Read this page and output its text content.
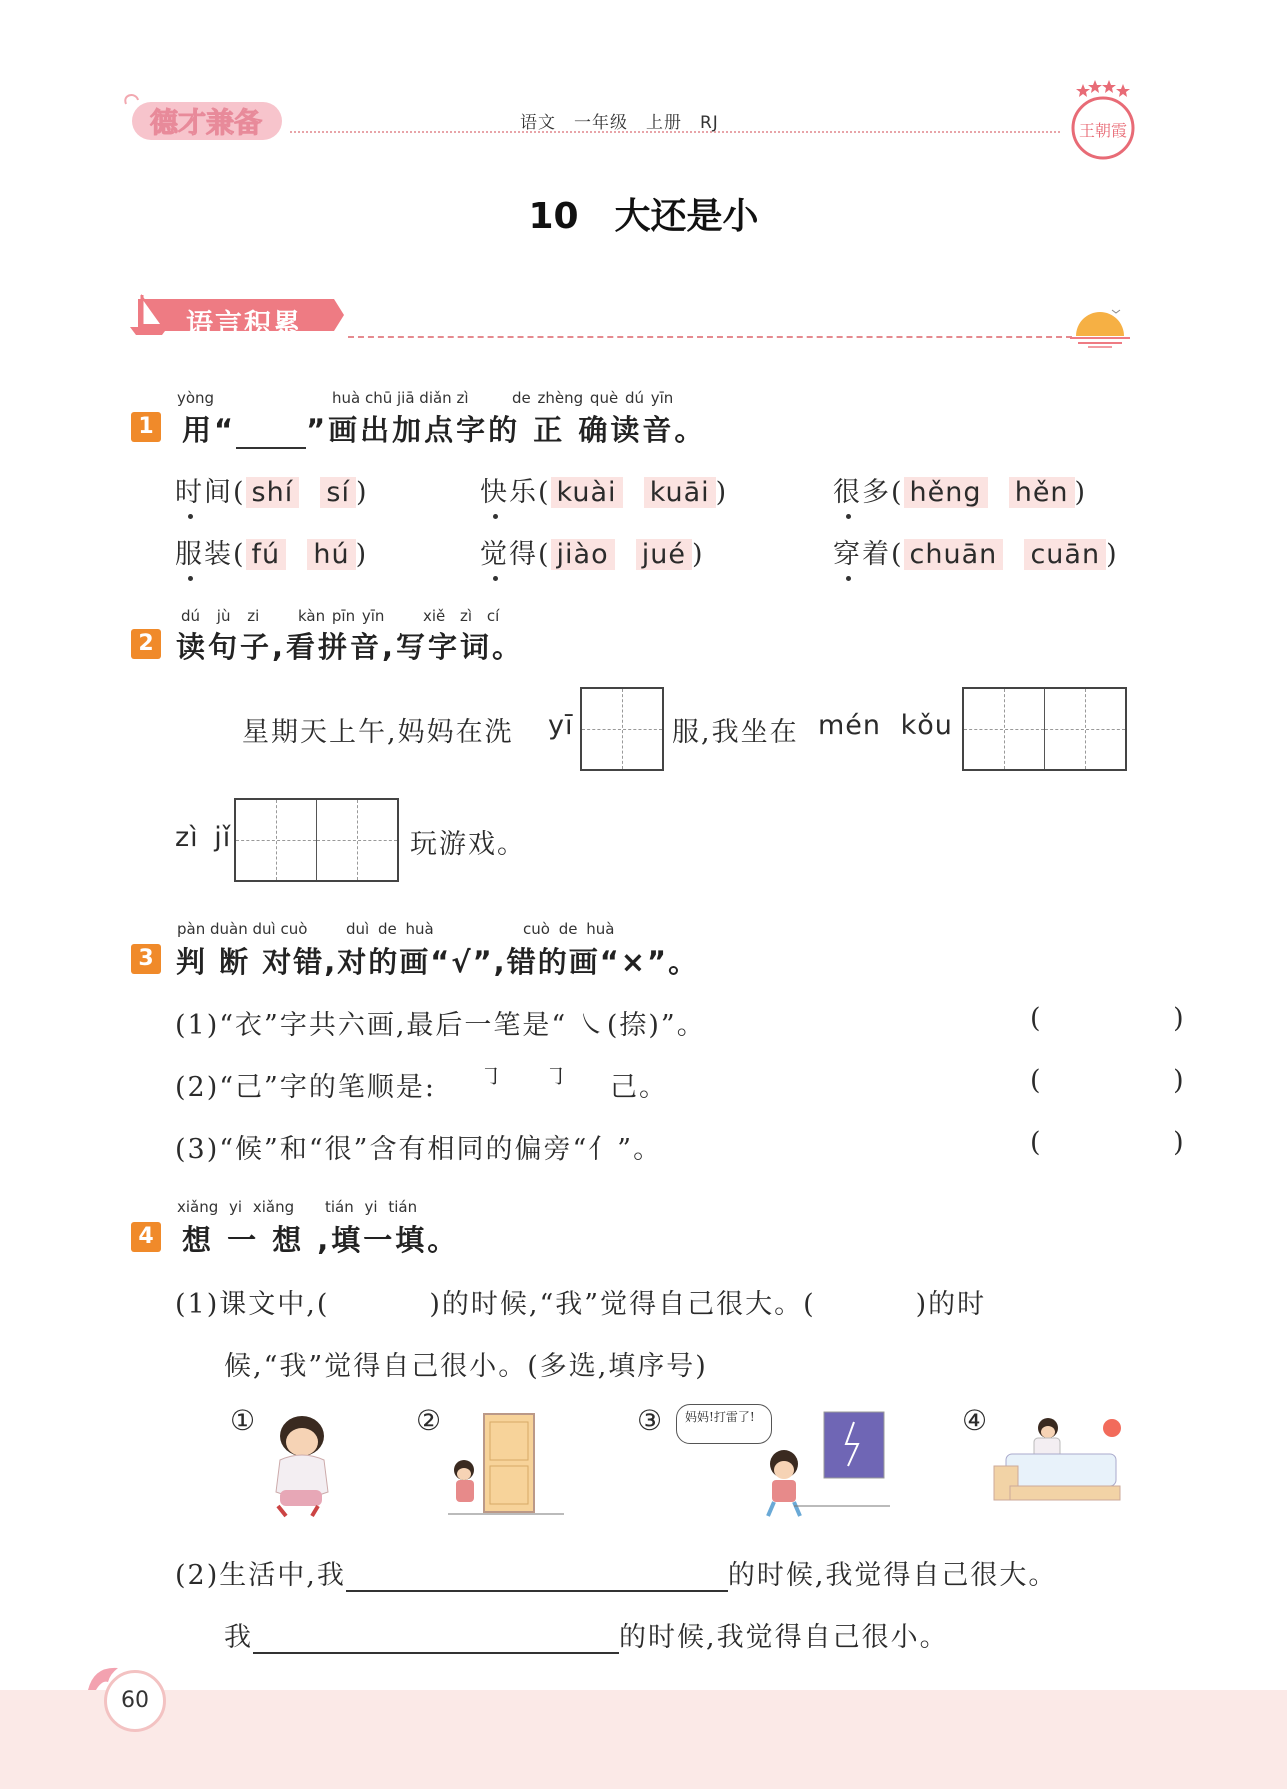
德才兼备	语文　一年级　上册　RJ	王朝霞
10　大还是小
语言积累
yòng	huà chū jiā diǎn zì	de zhèng què dú yīn
1 用“ ”画出加点字的 正 确读音。
时间( shí sí )	快乐( kuài kuāi )	很多( hěng hěn )
服装( fú hú )	觉得( jiào jué )	穿着( chuān cuān )
dú jù zi	kàn pīn yīn	xiě zì cí
2 读句子,看拼音,写字词。
星期天上午,妈妈在洗 yī	服,我坐在 mén kǒu
zì jǐ	玩游戏。
pàn duàn duì cuò	duì de huà	cuò de huà
3 判 断 对错,对的画“√”,错的画“×”。
(1)“衣”字共六画,最后一笔是“ ㇏(捺)”。	( )
(2)“己”字的笔顺是: ㇆ ㇆ 己。	( )
(3)“候”和“很”含有相同的偏旁“亻”。	( )
xiǎng yi xiǎng tián yi tián
4 想 一 想 ,填一填。
(1)课文中,(	)的时候,“我”觉得自己很大。(	)的时
候,“我”觉得自己很小。(多选,填序号)
①	②	③	妈妈!打雷了!	④
(2)生活中,我	的时候,我觉得自己很大。
我	的时候,我觉得自己很小。
60
